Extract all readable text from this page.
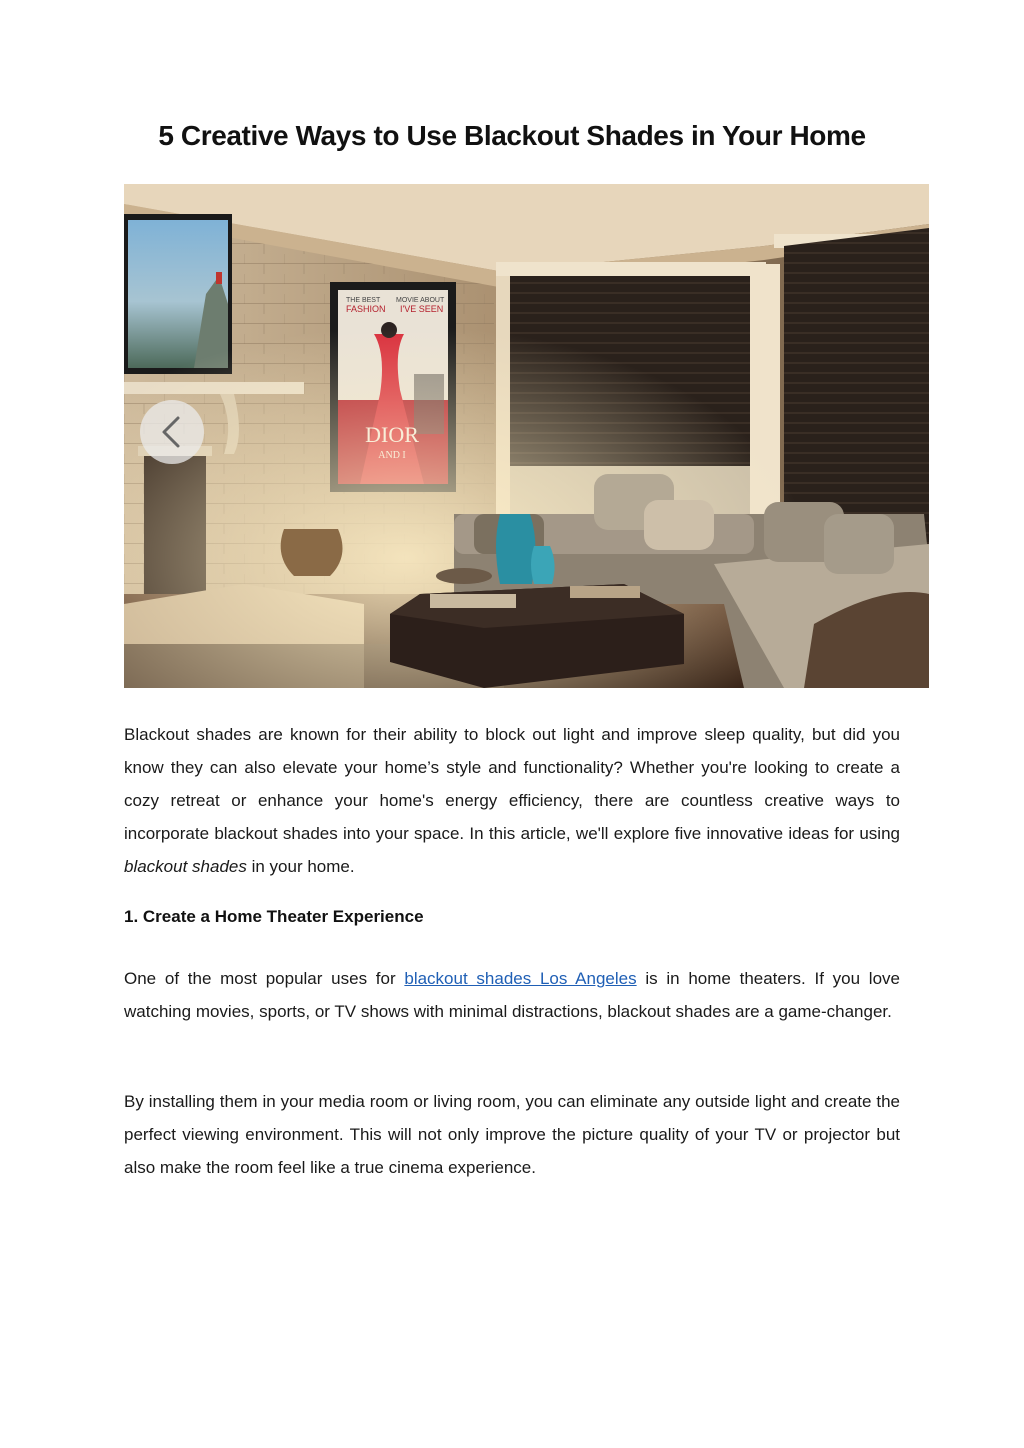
5 Creative Ways to Use Blackout Shades in Your Home

Blackout shades are known for their ability to block out light and improve sleep quality, but did you know they can also elevate your home’s style and functionality? Whether you're looking to create a cozy retreat or enhance your home's energy efficiency, there are countless creative ways to incorporate blackout shades into your space. In this article, we'll explore five innovative ideas for using blackout shades in your home.

1. Create a Home Theater Experience

One of the most popular uses for blackout shades Los Angeles is in home theaters. If you love watching movies, sports, or TV shows with minimal distractions, blackout shades are a game-changer.

By installing them in your media room or living room, you can eliminate any outside light and create the perfect viewing environment. This will not only improve the picture quality of your TV or projector but also make the room feel like a true cinema experience.
